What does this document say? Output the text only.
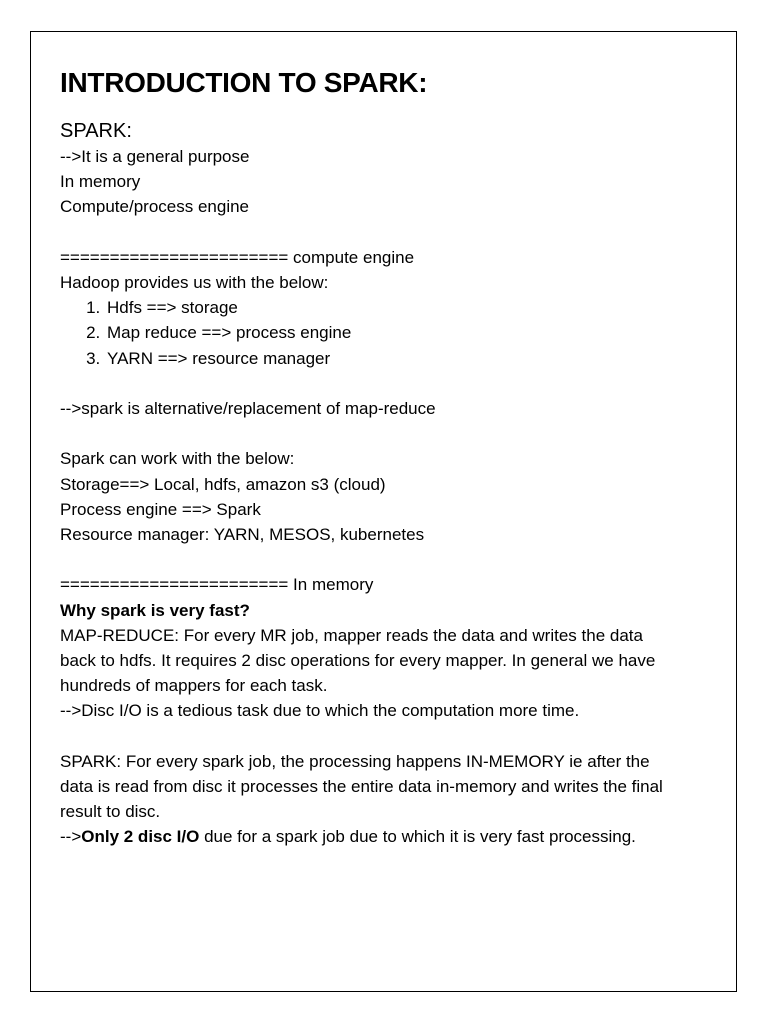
INTRODUCTION TO SPARK:
SPARK:

-->It is a general purpose

In memory

Compute/process engine

======================= compute engine

Hadoop provides us with the below:

1. Hdfs ==> storage
2. Map reduce ==> process engine
3. YARN ==> resource manager

-->spark is alternative/replacement of map-reduce

Spark can work with the below:

Storage==> Local, hdfs, amazon s3 (cloud)

Process engine ==> Spark

Resource manager: YARN, MESOS, kubernetes

======================= In memory

Why spark is very fast?

MAP-REDUCE: For every MR job, mapper reads the data and writes the data back to hdfs. It requires 2 disc operations for every mapper. In general we have hundreds of mappers for each task.

-->Disc I/O is a tedious task due to which the computation more time.

SPARK: For every spark job, the processing happens IN-MEMORY ie after the data is read from disc it processes the entire data in-memory and writes the final result to disc.

-->Only 2 disc I/O due for a spark job due to which it is very fast processing.
